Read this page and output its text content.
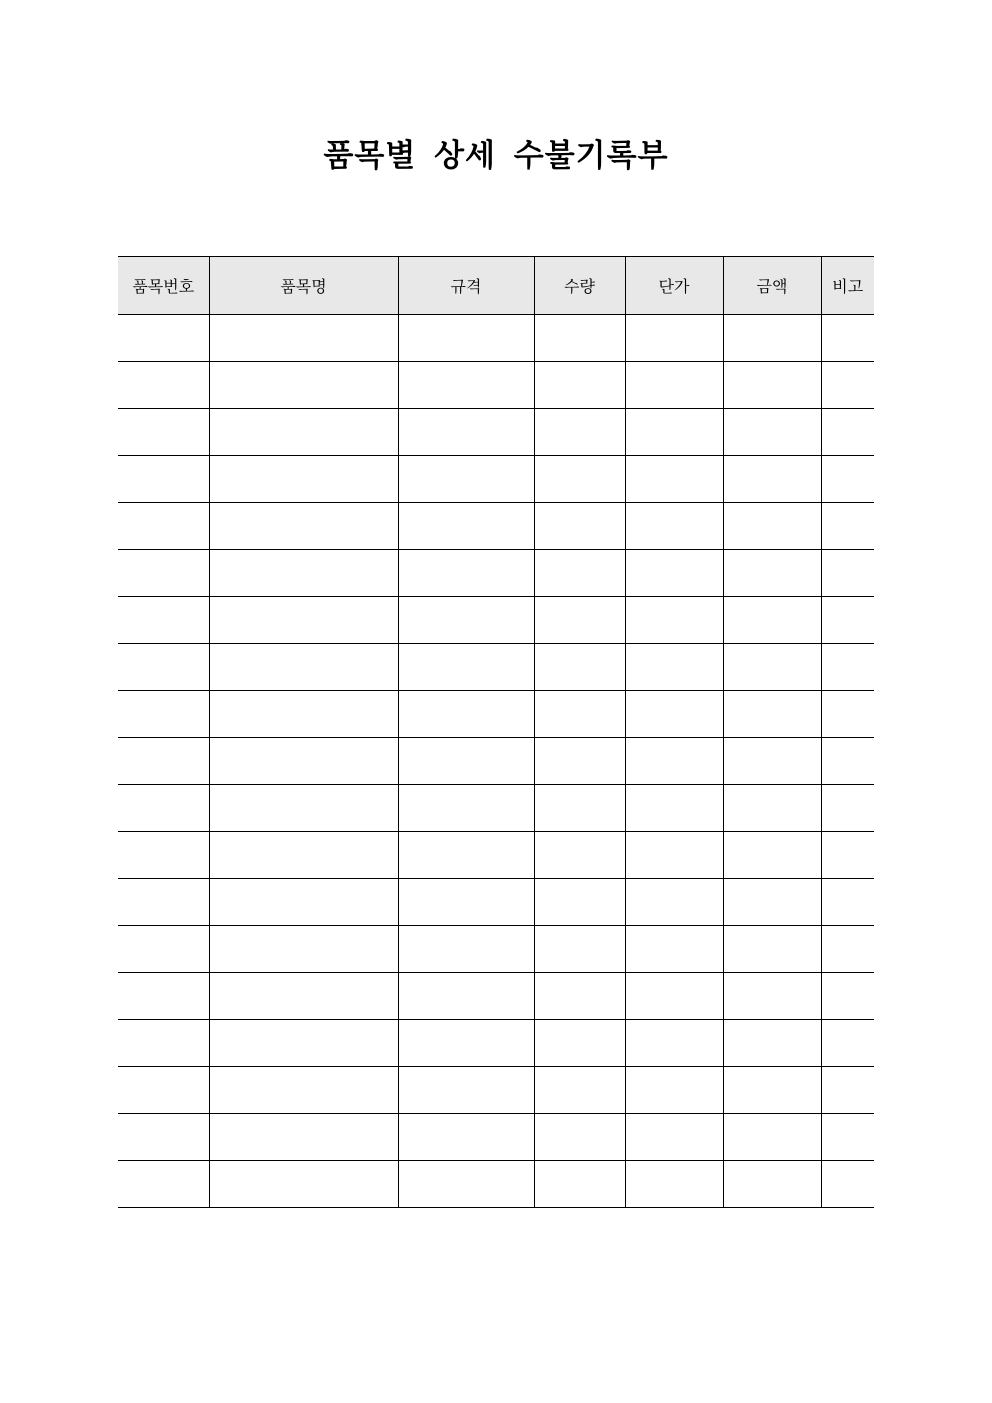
품목별 상세 수불기록부
품목번호	품목명	규격	수량	단가	금액	비고
